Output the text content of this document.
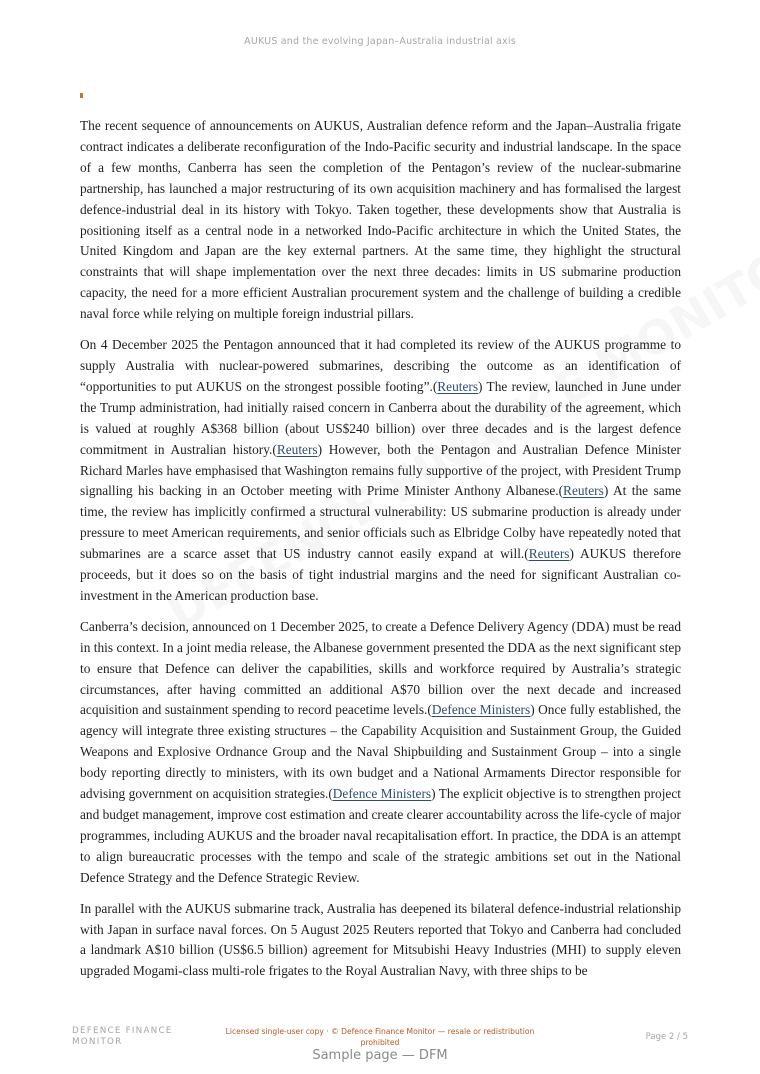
AUKUS and the evolving Japan–Australia industrial axis

The recent sequence of announcements on AUKUS, Australian defence reform and the Japan–Australia frigate contract indicates a deliberate reconfiguration of the Indo-Pacific security and industrial landscape. In the space of a few months, Canberra has seen the completion of the Pentagon’s review of the nuclear-submarine partnership, has launched a major restructuring of its own acquisition machinery and has formalised the largest defence-industrial deal in its history with Tokyo. Taken together, these developments show that Australia is positioning itself as a central node in a networked Indo-Pacific architecture in which the United States, the United Kingdom and Japan are the key external partners. At the same time, they highlight the structural constraints that will shape implementation over the next three decades: limits in US submarine production capacity, the need for a more efficient Australian procurement system and the challenge of building a credible naval force while relying on multiple foreign industrial pillars.

On 4 December 2025 the Pentagon announced that it had completed its review of the AUKUS programme to supply Australia with nuclear-powered submarines, describing the outcome as an identification of “opportunities to put AUKUS on the strongest possible footing”.(Reuters) The review, launched in June under the Trump administration, had initially raised concern in Canberra about the durability of the agreement, which is valued at roughly A$368 billion (about US$240 billion) over three decades and is the largest defence commitment in Australian history.(Reuters) However, both the Pentagon and Australian Defence Minister Richard Marles have emphasised that Washington remains fully supportive of the project, with President Trump signalling his backing in an October meeting with Prime Minister Anthony Albanese.(Reuters) At the same time, the review has implicitly confirmed a structural vulnerability: US submarine production is already under pressure to meet American requirements, and senior officials such as Elbridge Colby have repeatedly noted that submarines are a scarce asset that US industry cannot easily expand at will.(Reuters) AUKUS therefore proceeds, but it does so on the basis of tight industrial margins and the need for significant Australian co-investment in the American production base.

Canberra’s decision, announced on 1 December 2025, to create a Defence Delivery Agency (DDA) must be read in this context. In a joint media release, the Albanese government presented the DDA as the next significant step to ensure that Defence can deliver the capabilities, skills and workforce required by Australia’s strategic circumstances, after having committed an additional A$70 billion over the next decade and increased acquisition and sustainment spending to record peacetime levels.(Defence Ministers) Once fully established, the agency will integrate three existing structures – the Capability Acquisition and Sustainment Group, the Guided Weapons and Explosive Ordnance Group and the Naval Shipbuilding and Sustainment Group – into a single body reporting directly to ministers, with its own budget and a National Armaments Director responsible for advising government on acquisition strategies.(Defence Ministers) The explicit objective is to strengthen project and budget management, improve cost estimation and create clearer accountability across the life-cycle of major programmes, including AUKUS and the broader naval recapitalisation effort. In practice, the DDA is an attempt to align bureaucratic processes with the tempo and scale of the strategic ambitions set out in the National Defence Strategy and the Defence Strategic Review.

In parallel with the AUKUS submarine track, Australia has deepened its bilateral defence-industrial relationship with Japan in surface naval forces. On 5 August 2025 Reuters reported that Tokyo and Canberra had concluded a landmark A$10 billion (US$6.5 billion) agreement for Mitsubishi Heavy Industries (MHI) to supply eleven upgraded Mogami-class multi-role frigates to the Royal Australian Navy, with three ships to be

DEFENCE FINANCE MONITOR
Licensed single-user copy · © Defence Finance Monitor — resale or redistribution prohibited	Page 2 / 5
Sample page — DFM
